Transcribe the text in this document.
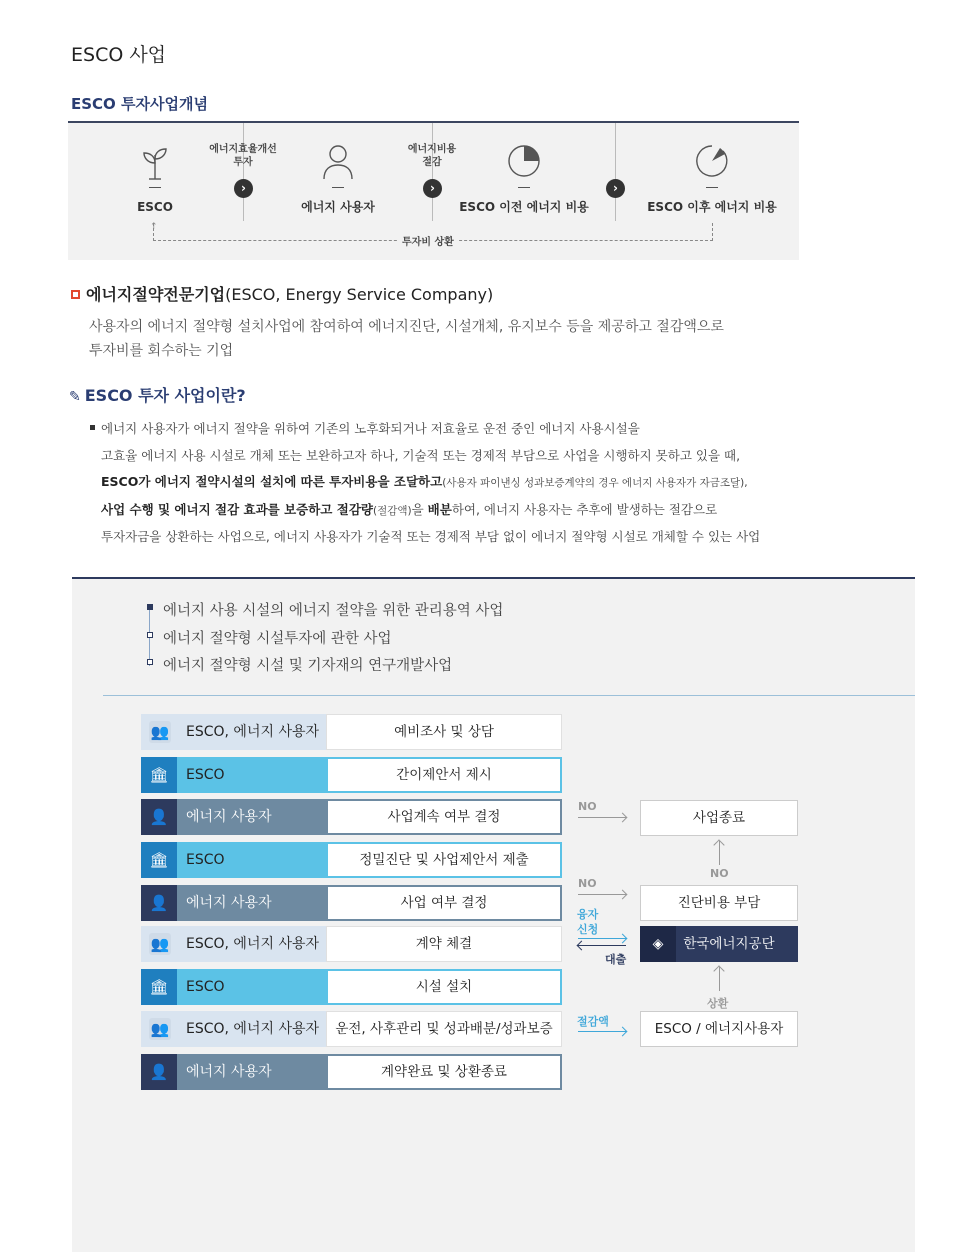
ESCO 사업
ESCO 투자사업개념
ESCO
에너지효율개선
투자
›
에너지 사용자
에너지비용
절감
›
ESCO 이전 에너지 비용
›
ESCO 이후 에너지 비용
↑
투자비 상환
에너지절약전문기업(ESCO, Energy Service Company)
사용자의 에너지 절약형 설치사업에 참여하여 에너지진단, 시설개체, 유지보수 등을 제공하고 절감액으로
투자비를 회수하는 기업
✎ ESCO 투자 사업이란?
에너지 사용자가 에너지 절약을 위하여 기존의 노후화되거나 저효율로 운전 중인 에너지 사용시설을
고효율 에너지 사용 시설로 개체 또는 보완하고자 하나, 기술적 또는 경제적 부담으로 사업을 시행하지 못하고 있을 때,
ESCO가 에너지 절약시설의 설치에 따른 투자비용을 조달하고(사용자 파이낸싱 성과보증계약의 경우 에너지 사용자가 자금조달),
사업 수행 및 에너지 절감 효과를 보증하고 절감량(절감액)을 배분하여, 에너지 사용자는 추후에 발생하는 절감으로
투자자금을 상환하는 사업으로, 에너지 사용자가 기술적 또는 경제적 부담 없이 에너지 절약형 시설로 개체할 수 있는 사업
에너지 사용 시설의 에너지 절약을 위한 관리용역 사업
에너지 절약형 시설투자에 관한 사업
에너지 절약형 시설 및 기자재의 연구개발사업
👥 ESCO, 에너지 사용자	예비조사 및 상담
🏛	ESCO	간이제안서 제시
👤	에너지 사용자	사업계속 여부 결정
🏛	ESCO	정밀진단 및 사업제안서 제출
👤	에너지 사용자	사업 여부 결정
👥 ESCO, 에너지 사용자	계약 체결
🏛	ESCO	시설 설치
👥 ESCO, 에너지 사용자	운전, 사후관리 및 성과배분/성과보증
👤	에너지 사용자	계약완료 및 상환종료
NO
사업종료
NO
NO
진단비용 부담
융자
신청
대출
◈	한국에너지공단
상환
절감액	ESCO / 에너지사용자
